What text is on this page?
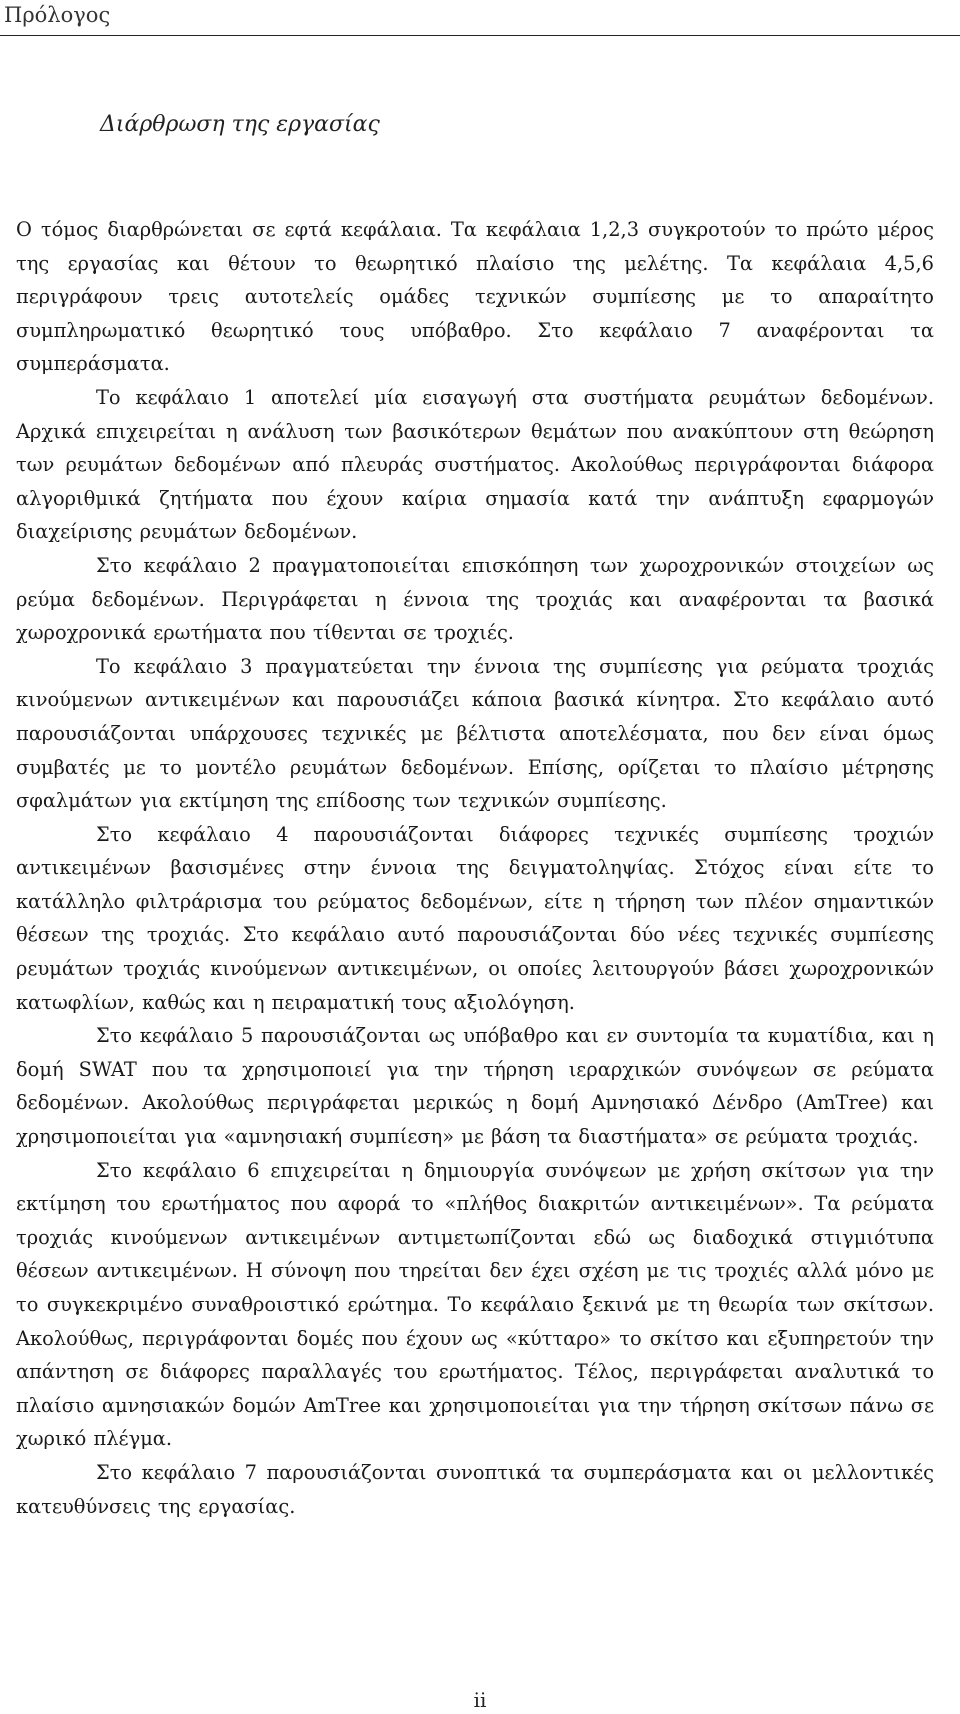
Πρόλογος
Διάρθρωση της εργασίας

Ο τόμος διαρθρώνεται σε εφτά κεφάλαια. Τα κεφάλαια 1,2,3 συγκροτούν το πρώτο μέρος της εργασίας και θέτουν το θεωρητικό πλαίσιο της μελέτης. Τα κεφάλαια 4,5,6 περιγράφουν τρεις αυτοτελείς ομάδες τεχνικών συμπίεσης με το απαραίτητο συμπληρωματικό θεωρητικό τους υπόβαθρο. Στο κεφάλαιο 7 αναφέρονται τα συμπεράσματα.

Το κεφάλαιο 1 αποτελεί μία εισαγωγή στα συστήματα ρευμάτων δεδομένων. Αρχικά επιχειρείται η ανάλυση των βασικότερων θεμάτων που ανακύπτουν στη θεώρηση των ρευμάτων δεδομένων από πλευράς συστήματος. Ακολούθως περιγράφονται διάφορα αλγοριθμικά ζητήματα που έχουν καίρια σημασία κατά την ανάπτυξη εφαρμογών διαχείρισης ρευμάτων δεδομένων.

Στο κεφάλαιο 2 πραγματοποιείται επισκόπηση των χωροχρονικών στοιχείων ως ρεύμα δεδομένων. Περιγράφεται η έννοια της τροχιάς και αναφέρονται τα βασικά χωροχρονικά ερωτήματα που τίθενται σε τροχιές.

Το κεφάλαιο 3 πραγματεύεται την έννοια της συμπίεσης για ρεύματα τροχιάς κινούμενων αντικειμένων και παρουσιάζει κάποια βασικά κίνητρα. Στο κεφάλαιο αυτό παρουσιάζονται υπάρχουσες τεχνικές με βέλτιστα αποτελέσματα, που δεν είναι όμως συμβατές με το μοντέλο ρευμάτων δεδομένων. Επίσης, ορίζεται το πλαίσιο μέτρησης σφαλμάτων για εκτίμηση της επίδοσης των τεχνικών συμπίεσης.

Στο κεφάλαιο 4 παρουσιάζονται διάφορες τεχνικές συμπίεσης τροχιών αντικειμένων βασισμένες στην έννοια της δειγματοληψίας. Στόχος είναι είτε το κατάλληλο φιλτράρισμα του ρεύματος δεδομένων, είτε η τήρηση των πλέον σημαντικών θέσεων της τροχιάς. Στο κεφάλαιο αυτό παρουσιάζονται δύο νέες τεχνικές συμπίεσης ρευμάτων τροχιάς κινούμενων αντικειμένων, οι οποίες λειτουργούν βάσει χωροχρονικών κατωφλίων, καθώς και η πειραματική τους αξιολόγηση.

Στο κεφάλαιο 5 παρουσιάζονται ως υπόβαθρο και εν συντομία τα κυματίδια, και η δομή SWAT που τα χρησιμοποιεί για την τήρηση ιεραρχικών συνόψεων σε ρεύματα δεδομένων. Ακολούθως περιγράφεται μερικώς η δομή Αμνησιακό Δένδρο (AmTree) και χρησιμοποιείται για «αμνησιακή συμπίεση» με βάση τα διαστήματα» σε ρεύματα τροχιάς.

Στο κεφάλαιο 6 επιχειρείται η δημιουργία συνόψεων με χρήση σκίτσων για την εκτίμηση του ερωτήματος που αφορά το «πλήθος διακριτών αντικειμένων». Τα ρεύματα τροχιάς κινούμενων αντικειμένων αντιμετωπίζονται εδώ ως διαδοχικά στιγμιότυπα θέσεων αντικειμένων. Η σύνοψη που τηρείται δεν έχει σχέση με τις τροχιές αλλά μόνο με το συγκεκριμένο συναθροιστικό ερώτημα. Το κεφάλαιο ξεκινά με τη θεωρία των σκίτσων. Ακολούθως, περιγράφονται δομές που έχουν ως «κύτταρο» το σκίτσο και εξυπηρετούν την απάντηση σε διάφορες παραλλαγές του ερωτήματος. Τέλος, περιγράφεται αναλυτικά το πλαίσιο αμνησιακών δομών AmTree και χρησιμοποιείται για την τήρηση σκίτσων πάνω σε χωρικό πλέγμα.

Στο κεφάλαιο 7 παρουσιάζονται συνοπτικά τα συμπεράσματα και οι μελλοντικές κατευθύνσεις της εργασίας.

ii
